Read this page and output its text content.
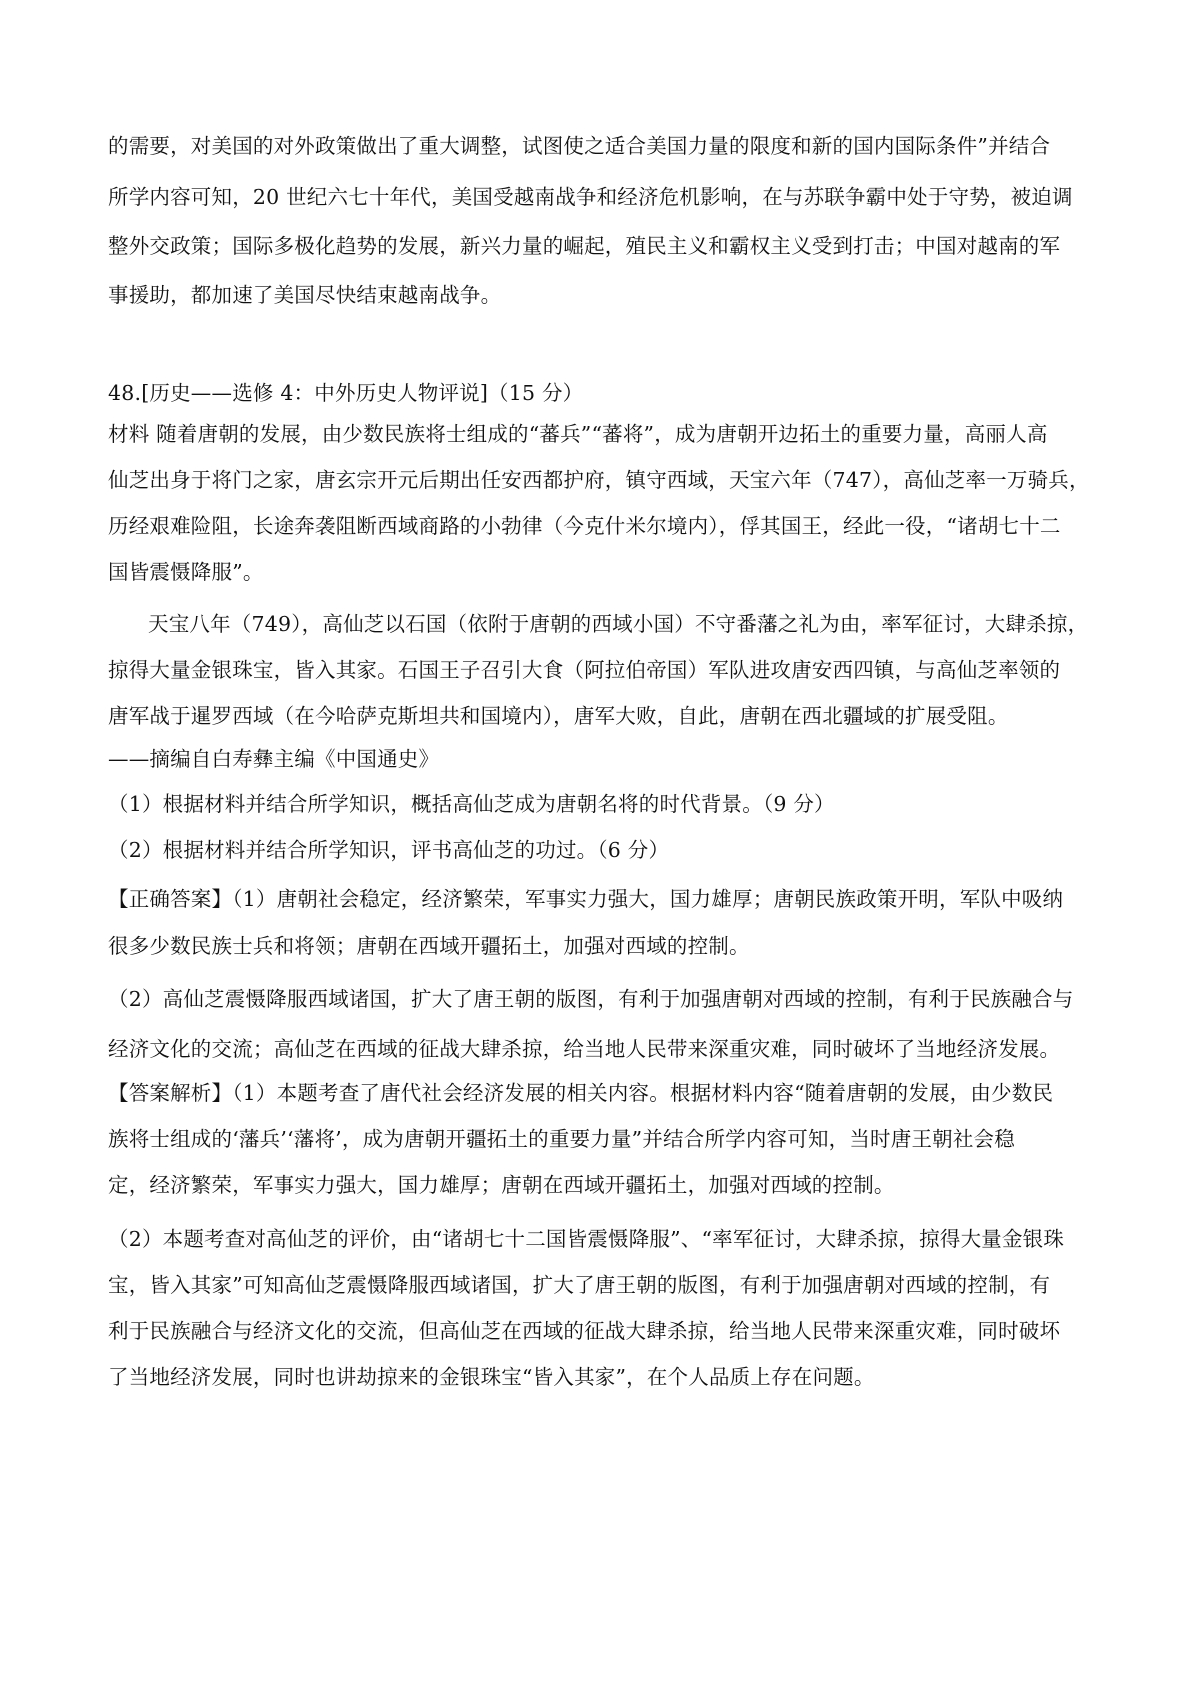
的需要，对美国的对外政策做出了重大调整，试图使之适合美国力量的限度和新的国内国际条件”并结合
所学内容可知，20 世纪六七十年代，美国受越南战争和经济危机影响，在与苏联争霸中处于守势，被迫调
整外交政策；国际多极化趋势的发展，新兴力量的崛起，殖民主义和霸权主义受到打击；中国对越南的军
事援助，都加速了美国尽快结束越南战争。
48.[历史——选修 4：中外历史人物评说]（15 分）
材料 随着唐朝的发展，由少数民族将士组成的“蕃兵”“蕃将”，成为唐朝开边拓土的重要力量，高丽人高
仙芝出身于将门之家，唐玄宗开元后期出任安西都护府，镇守西域，天宝六年（747），高仙芝率一万骑兵，
历经艰难险阻，长途奔袭阻断西域商路的小勃律（今克什米尔境内），俘其国王，经此一役，“诸胡七十二
国皆震慑降服”。
天宝八年（749），高仙芝以石国（依附于唐朝的西域小国）不守番藩之礼为由，率军征讨，大肆杀掠，
掠得大量金银珠宝，皆入其家。石国王子召引大食（阿拉伯帝国）军队进攻唐安西四镇，与高仙芝率领的
唐军战于暹罗西域（在今哈萨克斯坦共和国境内），唐军大败，自此，唐朝在西北疆域的扩展受阻。
——摘编自白寿彝主编《中国通史》
（1）根据材料并结合所学知识，概括高仙芝成为唐朝名将的时代背景。（9 分）
（2）根据材料并结合所学知识，评书高仙芝的功过。（6 分）
【正确答案】（1）唐朝社会稳定，经济繁荣，军事实力强大，国力雄厚；唐朝民族政策开明，军队中吸纳
很多少数民族士兵和将领；唐朝在西域开疆拓土，加强对西域的控制。
（2）高仙芝震慑降服西域诸国，扩大了唐王朝的版图，有利于加强唐朝对西域的控制，有利于民族融合与
经济文化的交流；高仙芝在西域的征战大肆杀掠，给当地人民带来深重灾难，同时破坏了当地经济发展。
【答案解析】（1）本题考查了唐代社会经济发展的相关内容。根据材料内容“随着唐朝的发展，由少数民
族将士组成的‘藩兵’‘藩将’，成为唐朝开疆拓土的重要力量”并结合所学内容可知，当时唐王朝社会稳
定，经济繁荣，军事实力强大，国力雄厚；唐朝在西域开疆拓土，加强对西域的控制。
（2）本题考查对高仙芝的评价，由“诸胡七十二国皆震慑降服”、“率军征讨，大肆杀掠，掠得大量金银珠
宝，皆入其家”可知高仙芝震慑降服西域诸国，扩大了唐王朝的版图，有利于加强唐朝对西域的控制，有
利于民族融合与经济文化的交流，但高仙芝在西域的征战大肆杀掠，给当地人民带来深重灾难，同时破坏
了当地经济发展，同时也讲劫掠来的金银珠宝“皆入其家”，在个人品质上存在问题。
